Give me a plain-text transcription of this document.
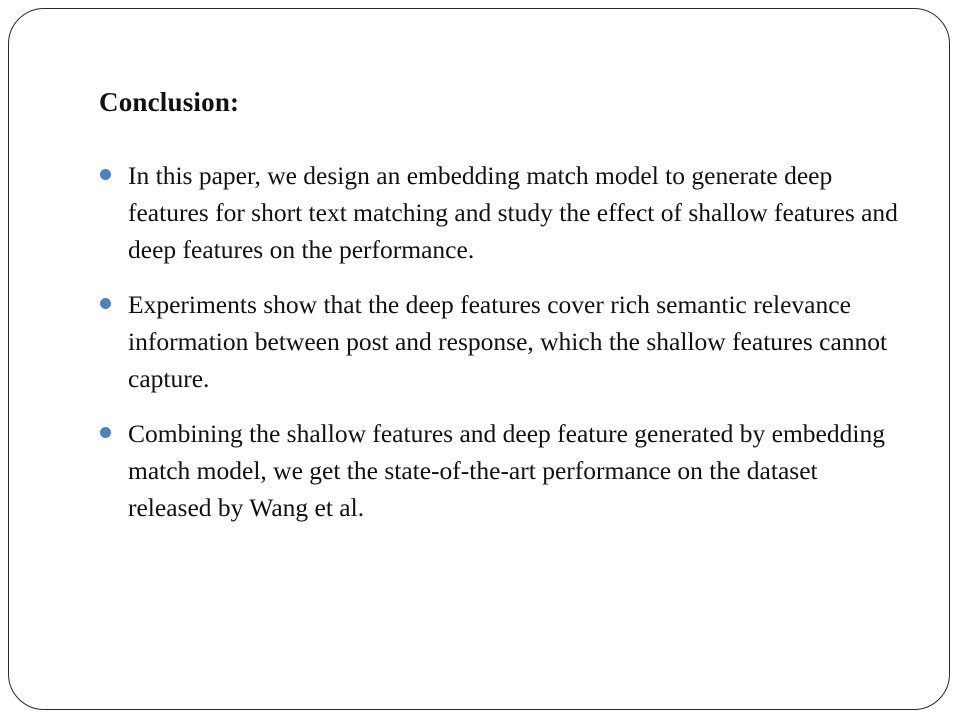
Conclusion:
In this paper, we design an embedding match model to generate deep features for short text matching and study the effect of shallow features and deep features on the performance.
Experiments show that the deep features cover rich semantic relevance information between post and response, which the shallow features cannot capture.
Combining the shallow features and deep feature generated by embedding match model, we get the state-of-the-art performance on the dataset released by Wang et al.
